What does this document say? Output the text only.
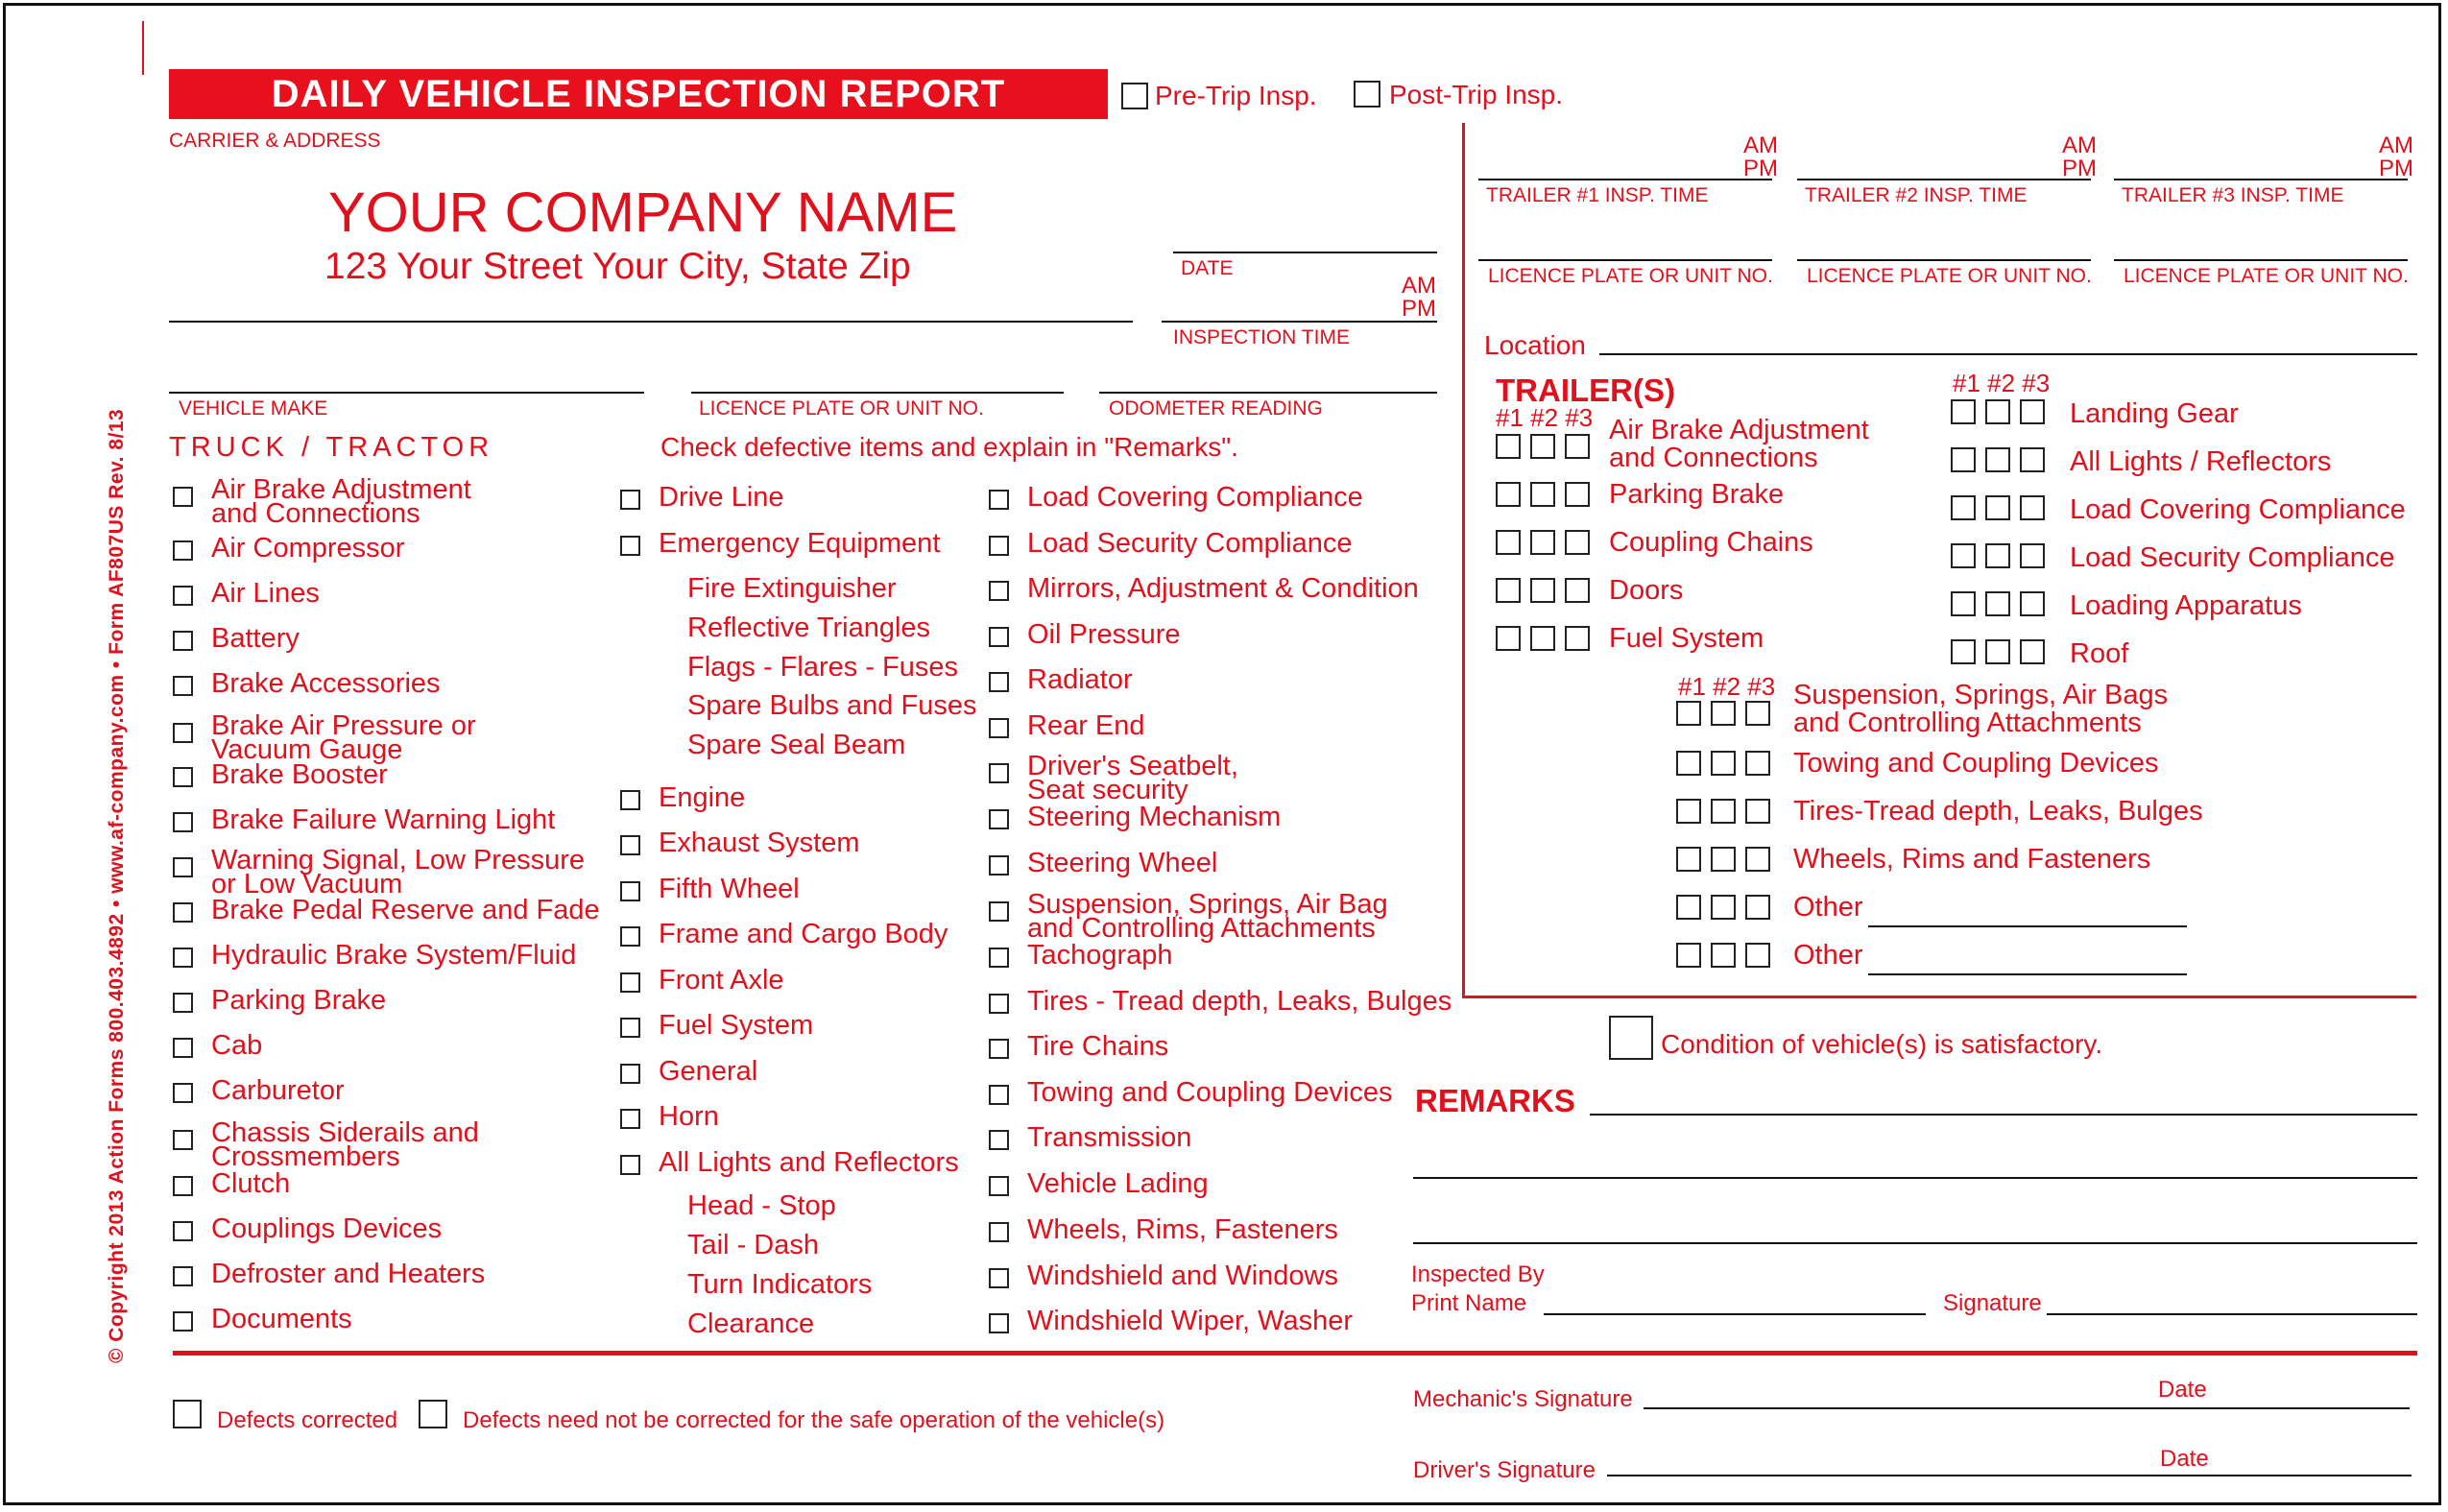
DAILY VEHICLE INSPECTION REPORT	Pre-Trip Insp.	Post-Trip Insp.
CARRIER & ADDRESS
YOUR COMPANY NAME
123 Your Street Your City, State Zip	DATE
AM
PM
INSPECTION TIME
VEHICLE MAKE	LICENCE PLATE OR UNIT NO.	ODOMETER READING
TRUCK / TRACTOR	Check defective items and explain in "Remarks".
© Copyright 2013 Action Forms 800.403.4892 • www.af-company.com • Form AF807US Rev. 8/13
AM
PM
TRAILER #1 INSP. TIME
LICENCE PLATE OR UNIT NO.
AM
PM
TRAILER #2 INSP. TIME
LICENCE PLATE OR UNIT NO.
AM
PM
TRAILER #3 INSP. TIME
LICENCE PLATE OR UNIT NO.
Location
Air Brake Adjustment
and Connections
Air Compressor
Air Lines
Battery
Brake Accessories
Brake Air Pressure or
Vacuum Gauge
Brake Booster
Brake Failure Warning Light
Warning Signal, Low Pressure
or Low Vacuum
Brake Pedal Reserve and Fade
Hydraulic Brake System/Fluid
Parking Brake
Cab
Carburetor
Chassis Siderails and
Crossmembers
Clutch
Couplings Devices
Defroster and Heaters
Documents
Drive Line
Emergency Equipment
Engine
Exhaust System
Fifth Wheel
Frame and Cargo Body
Front Axle
Fuel System
General
Horn
All Lights and Reflectors
Fire Extinguisher
Reflective Triangles
Flags - Flares - Fuses
Spare Bulbs and Fuses
Spare Seal Beam
Head - Stop
Tail - Dash
Turn Indicators
Clearance
Load Covering Compliance
Load Security Compliance
Mirrors, Adjustment & Condition
Oil Pressure
Radiator
Rear End
Driver's Seatbelt,
Seat security
Steering Mechanism
Steering Wheel
Suspension, Springs, Air Bag
and Controlling Attachments
Tachograph
Tires - Tread depth, Leaks, Bulges
Tire Chains
Towing and Coupling Devices
Transmission
Vehicle Lading
Wheels, Rims, Fasteners
Windshield and Windows
Windshield Wiper, Washer
TRAILER(S)
#1 #2 #3
#1 #2 #3
#1 #2 #3
Air Brake Adjustment
and Connections
Parking Brake
Coupling Chains
Doors
Fuel System
Landing Gear
All Lights / Reflectors
Load Covering Compliance
Load Security Compliance
Loading Apparatus
Roof
Suspension, Springs, Air Bags
and Controlling Attachments
Towing and Coupling Devices
Tires-Tread depth, Leaks, Bulges
Wheels, Rims and Fasteners
Other
Other
Condition of vehicle(s) is satisfactory.
REMARKS
Inspected By
Print Name	Signature
Defects corrected	Defects need not be corrected for the safe operation of the vehicle(s)
Mechanic's Signature	Date
Driver's Signature	Date
